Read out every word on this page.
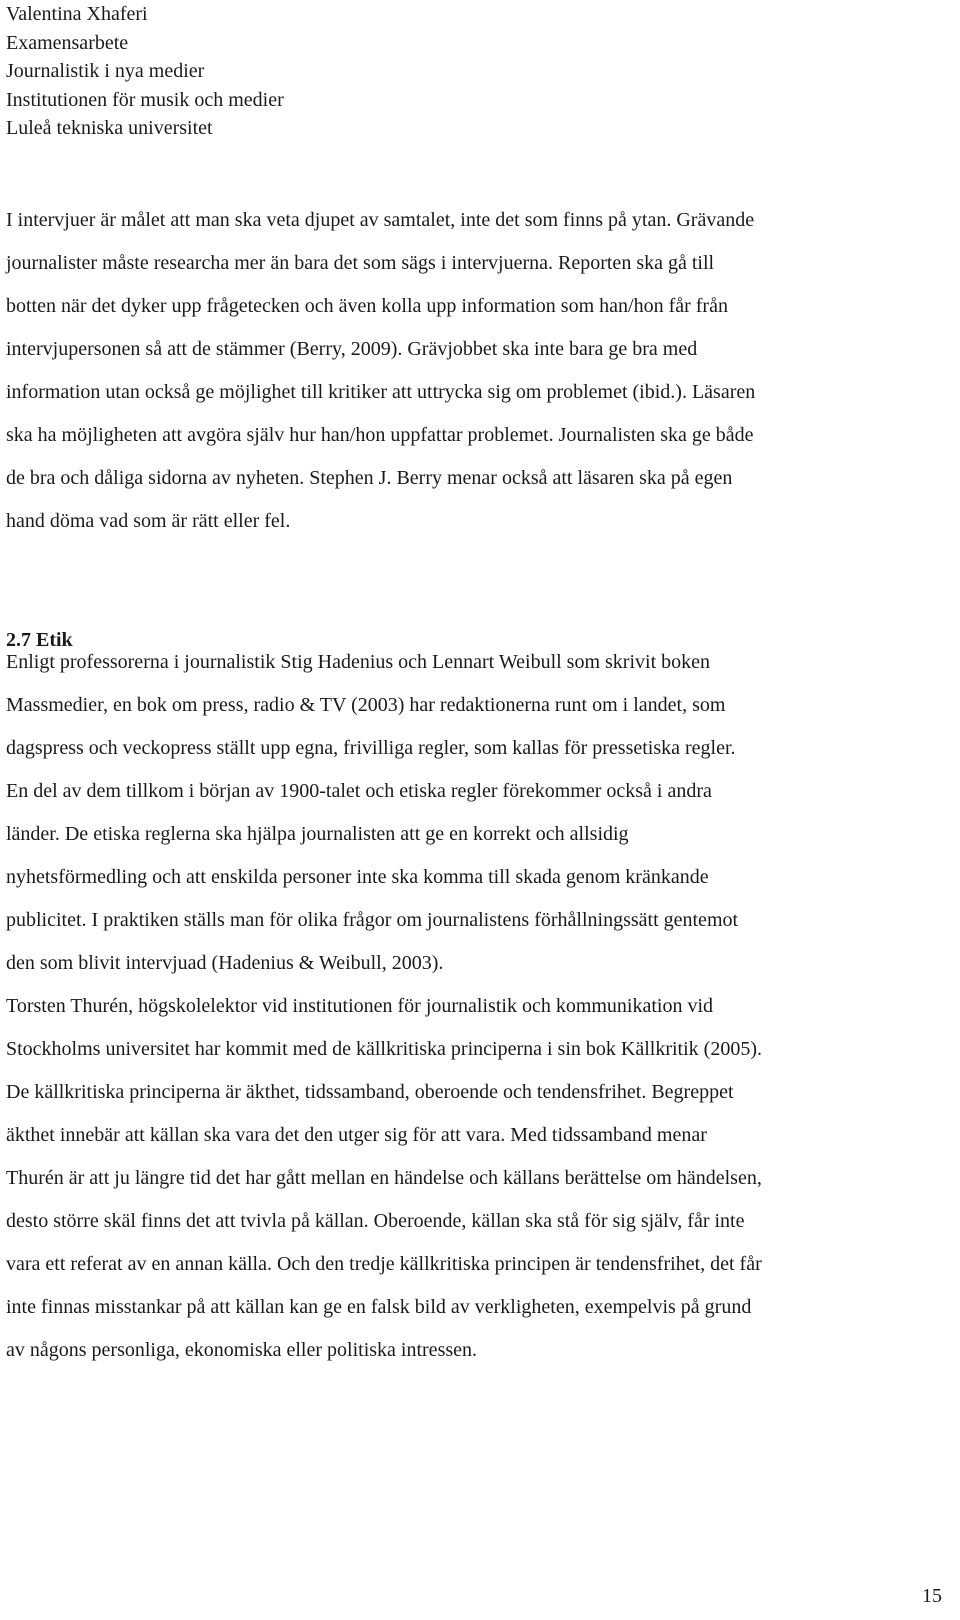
Valentina Xhaferi
Examensarbete
Journalistik i nya medier
Institutionen för musik och medier
Luleå tekniska universitet
I intervjuer är målet att man ska veta djupet av samtalet, inte det som finns på ytan. Grävande
journalister måste researcha mer än bara det som sägs i intervjuerna. Reporten ska gå till
botten när det dyker upp frågetecken och även kolla upp information som han/hon får från
intervjupersonen så att de stämmer (Berry, 2009). Grävjobbet ska inte bara ge bra med
information utan också ge möjlighet till kritiker att uttrycka sig om problemet (ibid.). Läsaren
ska ha möjligheten att avgöra själv hur han/hon uppfattar problemet. Journalisten ska ge både
de bra och dåliga sidorna av nyheten. Stephen J. Berry menar också att läsaren ska på egen
hand döma vad som är rätt eller fel.
2.7 Etik
Enligt professorerna i journalistik Stig Hadenius och Lennart Weibull som skrivit boken
Massmedier, en bok om press, radio & TV (2003) har redaktionerna runt om i landet, som
dagspress och veckopress ställt upp egna, frivilliga regler, som kallas för pressetiska regler.
En del av dem tillkom i början av 1900-talet och etiska regler förekommer också i andra
länder. De etiska reglerna ska hjälpa journalisten att ge en korrekt och allsidig
nyhetsförmedling och att enskilda personer inte ska komma till skada genom kränkande
publicitet. I praktiken ställs man för olika frågor om journalistens förhållningssätt gentemot
den som blivit intervjuad (Hadenius & Weibull, 2003).
Torsten Thurén, högskolelektor vid institutionen för journalistik och kommunikation vid
Stockholms universitet har kommit med de källkritiska principerna i sin bok Källkritik (2005).
De källkritiska principerna är äkthet, tidssamband, oberoende och tendensfrihet. Begreppet
äkthet innebär att källan ska vara det den utger sig för att vara. Med tidssamband menar
Thurén är att ju längre tid det har gått mellan en händelse och källans berättelse om händelsen,
desto större skäl finns det att tvivla på källan. Oberoende, källan ska stå för sig själv, får inte
vara ett referat av en annan källa. Och den tredje källkritiska principen är tendensfrihet, det får
inte finnas misstankar på att källan kan ge en falsk bild av verkligheten, exempelvis på grund
av någons personliga, ekonomiska eller politiska intressen.
15
